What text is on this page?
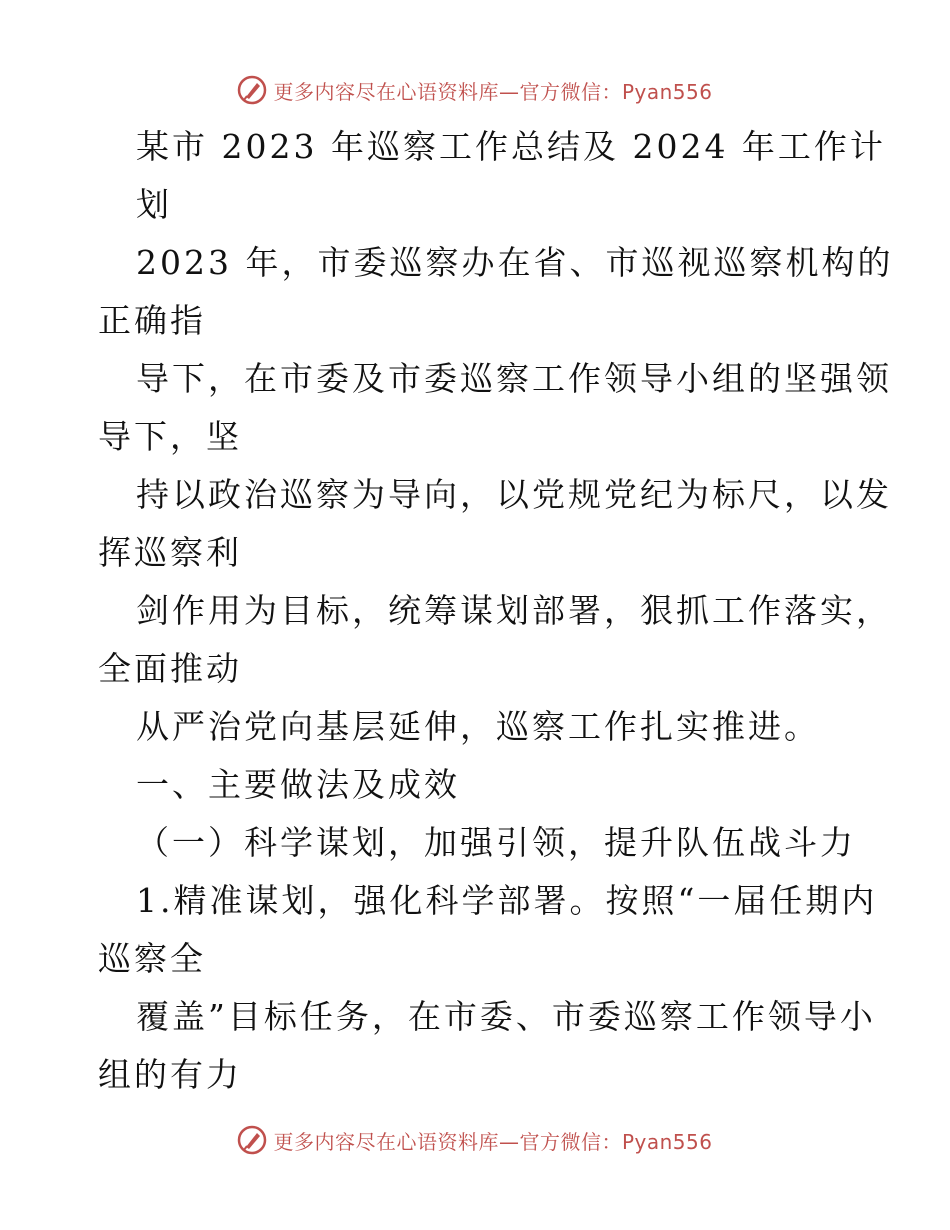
更多内容尽在心语资料库—官方微信：Pyan556
某市 2023 年巡察工作总结及 2024 年工作计
划
2023 年，市委巡察办在省、市巡视巡察机构的
正确指
导下，在市委及市委巡察工作领导小组的坚强领
导下，坚
持以政治巡察为导向，以党规党纪为标尺，以发
挥巡察利
剑作用为目标，统筹谋划部署，狠抓工作落实，
全面推动
从严治党向基层延伸，巡察工作扎实推进。
一、主要做法及成效
（一）科学谋划，加强引领，提升队伍战斗力
1.精准谋划，强化科学部署。按照“一届任期内
巡察全
覆盖”目标任务，在市委、市委巡察工作领导小
组的有力
更多内容尽在心语资料库—官方微信：Pyan556
